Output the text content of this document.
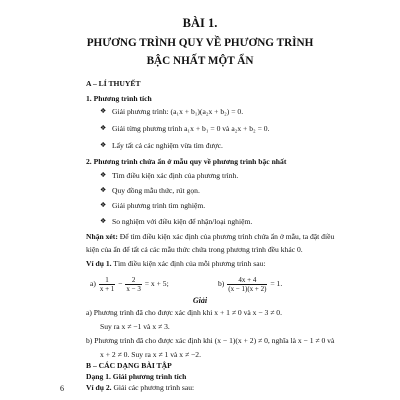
BÀI 1.
PHƯƠNG TRÌNH QUY VỀ PHƯƠNG TRÌNH
BẬC NHẤT MỘT ẨN
A – LÍ THUYẾT
1. Phương trình tích
❖ Giải phương trình: (a₁x + b₁)(a₂x + b₂) = 0.
❖ Giải từng phương trình a₁x + b₁ = 0 và a₂x + b₂ = 0.
❖ Lấy tất cả các nghiệm vừa tìm được.
2. Phương trình chứa ẩn ở mẫu quy về phương trình bậc nhất
❖ Tìm điều kiện xác định của phương trình.
❖ Quy đồng mẫu thức, rút gọn.
❖ Giải phương trình tìm nghiệm.
❖ So nghiệm với điều kiện để nhận/loại nghiệm.
Nhận xét: Để tìm điều kiện xác định của phương trình chứa ẩn ở mẫu, ta đặt điều
kiện của ẩn để tất cả các mẫu thức chứa trong phương trình đều khác 0.
Ví dụ 1. Tìm điều kiện xác định của mỗi phương trình sau:
$a) \frac{1}{x + 1} - \frac{2}{x - 3} = x + 5$;	$b) \frac{4x + 4}{(x - 1)(x + 2)} = 1$.
Giải
a) Phương trình đã cho được xác định khi x + 1 ≠ 0 và x − 3 ≠ 0.
Suy ra x ≠ −1 và x ≠ 3.
b) Phương trình đã cho được xác định khi (x − 1)(x + 2) ≠ 0, nghĩa là x − 1 ≠ 0 và
x + 2 ≠ 0. Suy ra x ≠ 1 và x ≠ −2.
B – CÁC DẠNG BÀI TẬP
Dạng 1. Giải phương trình tích
Ví dụ 2. Giải các phương trình sau:
6
